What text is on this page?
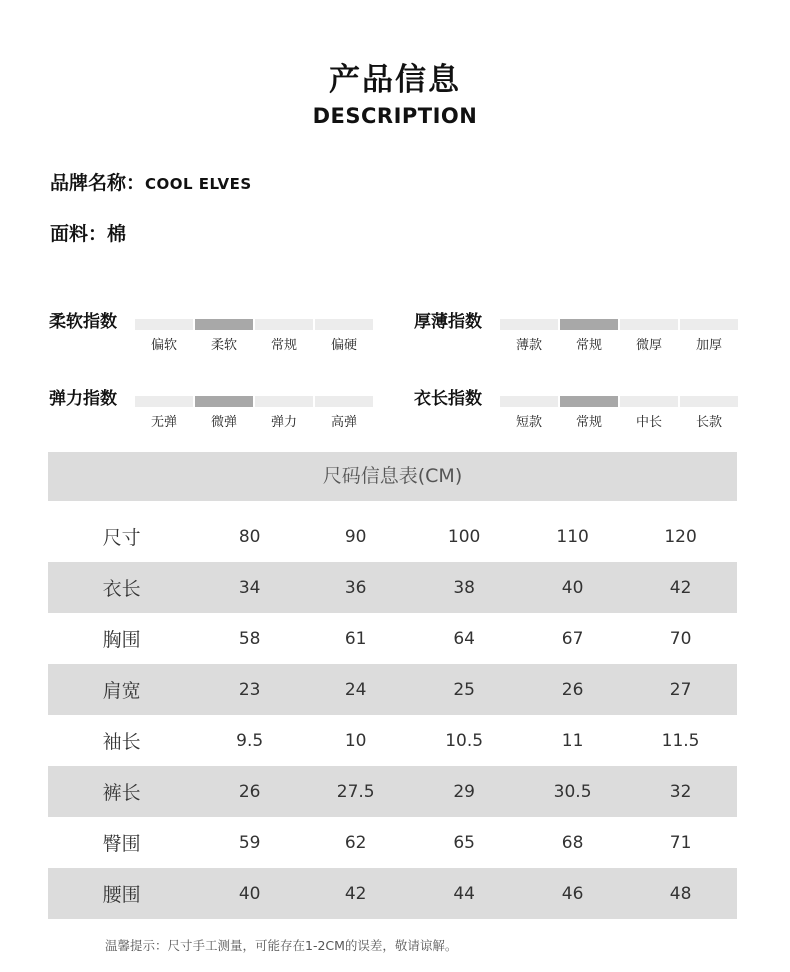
产品信息
DESCRIPTION
品牌名称：COOL ELVES
面料：棉
柔软指数
偏软	柔软	常规	偏硬
厚薄指数
薄款	常规	微厚	加厚
弹力指数
无弹	微弹	弹力	高弹
衣长指数
短款	常规	中长	长款
尺码信息表(CM)
尺寸	80	90	100	110	120
衣长	34	36	38	40	42
胸围	58	61	64	67	70
肩宽	23	24	25	26	27
袖长	9.5	10	10.5	11	11.5
裤长	26	27.5	29	30.5	32
臀围	59	62	65	68	71
腰围	40	42	44	46	48
温馨提示：尺寸手工测量，可能存在1-2CM的误差，敬请谅解。
